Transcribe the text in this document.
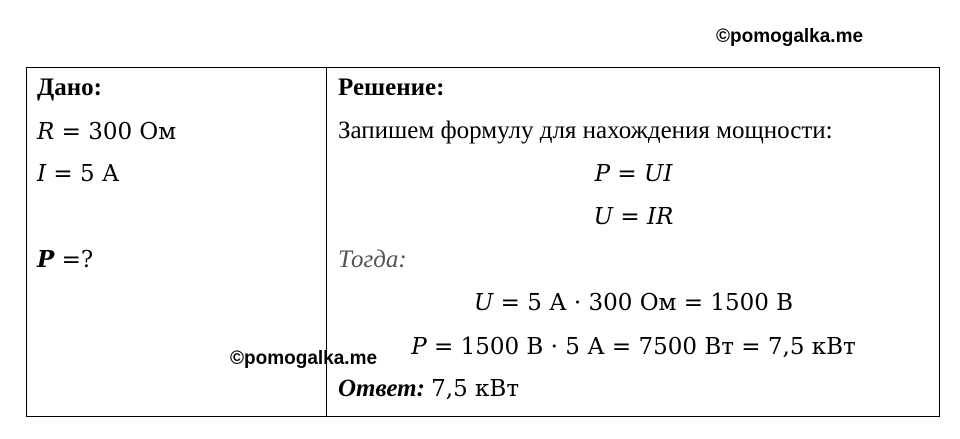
©pomogalka.me
Дано:
R = 300 Ом
I = 5 А
P =?
Решение:
Запишем формулу для нахождения мощности:
P = UI
U = IR
Тогда:
U = 5 А · 300 Ом = 1500 В
P = 1500 В · 5 А = 7500 Вт = 7,5 кВт
Ответ: 7,5 кВт
©pomogalka.me
